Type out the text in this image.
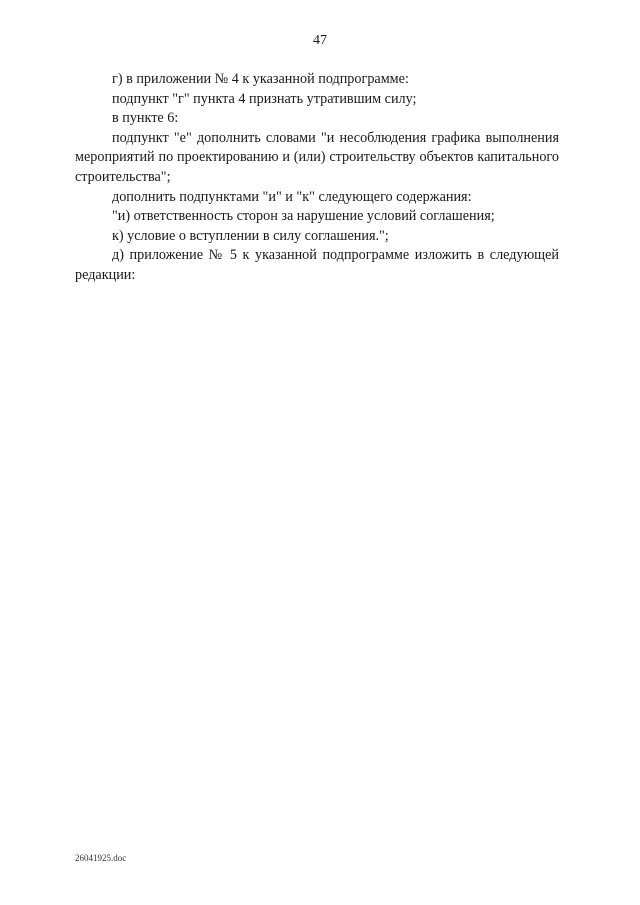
47

г) в приложении № 4 к указанной подпрограмме:

подпункт "г" пункта 4 признать утратившим силу;

в пункте 6:

подпункт "е" дополнить словами "и несоблюдения графика выполнения мероприятий по проектированию и (или) строительству объектов капитального строительства";

дополнить подпунктами "и" и "к" следующего содержания:

"и) ответственность сторон за нарушение условий соглашения;

к) условие о вступлении в силу соглашения.";

д) приложение № 5 к указанной подпрограмме изложить в следующей редакции:

26041925.doc
